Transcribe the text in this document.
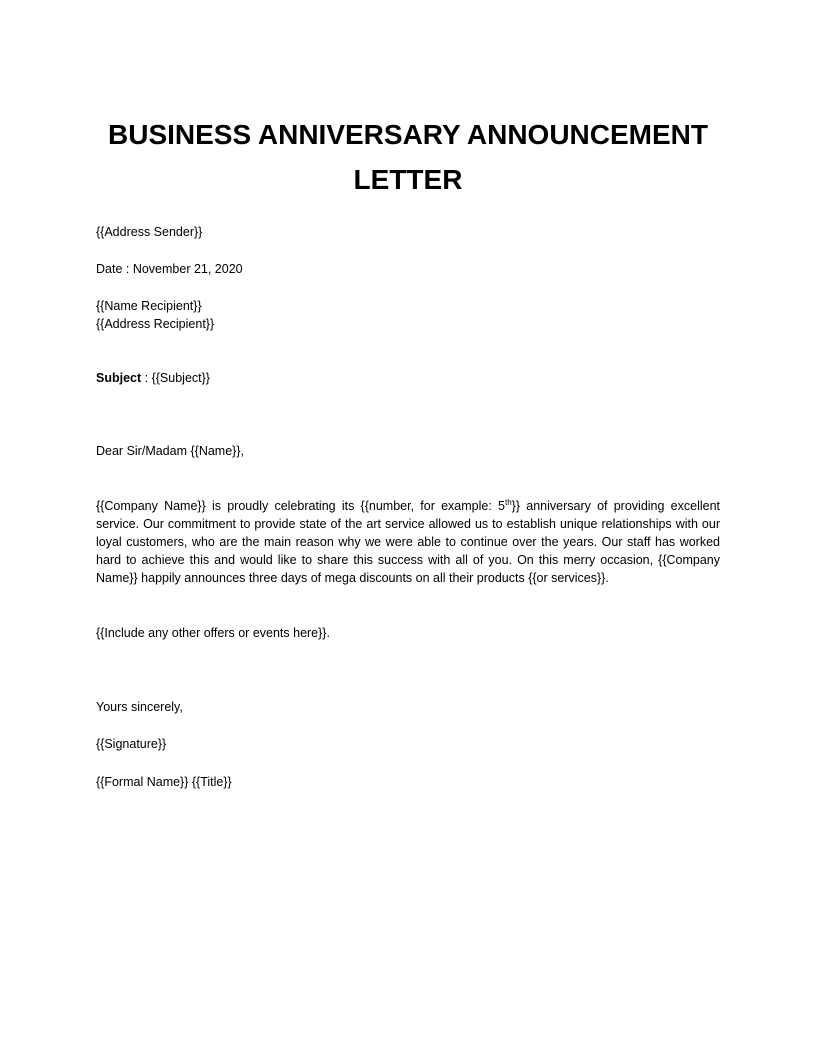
BUSINESS ANNIVERSARY ANNOUNCEMENT
LETTER
{{Address Sender}}
Date : November 21, 2020
{{Name Recipient}}
{{Address Recipient}}
Subject : {{Subject}}
Dear Sir/Madam {{Name}},
{{Company Name}} is proudly celebrating its {{number, for example: 5th}} anniversary of providing excellent service. Our commitment to provide state of the art service allowed us to establish unique relationships with our loyal customers, who are the main reason why we were able to continue over the years. Our staff has worked hard to achieve this and would like to share this success with all of you. On this merry occasion, {{Company Name}} happily announces three days of mega discounts on all their products {{or services}}.
{{Include any other offers or events here}}.
Yours sincerely,
{{Signature}}
{{Formal Name}} {{Title}}
